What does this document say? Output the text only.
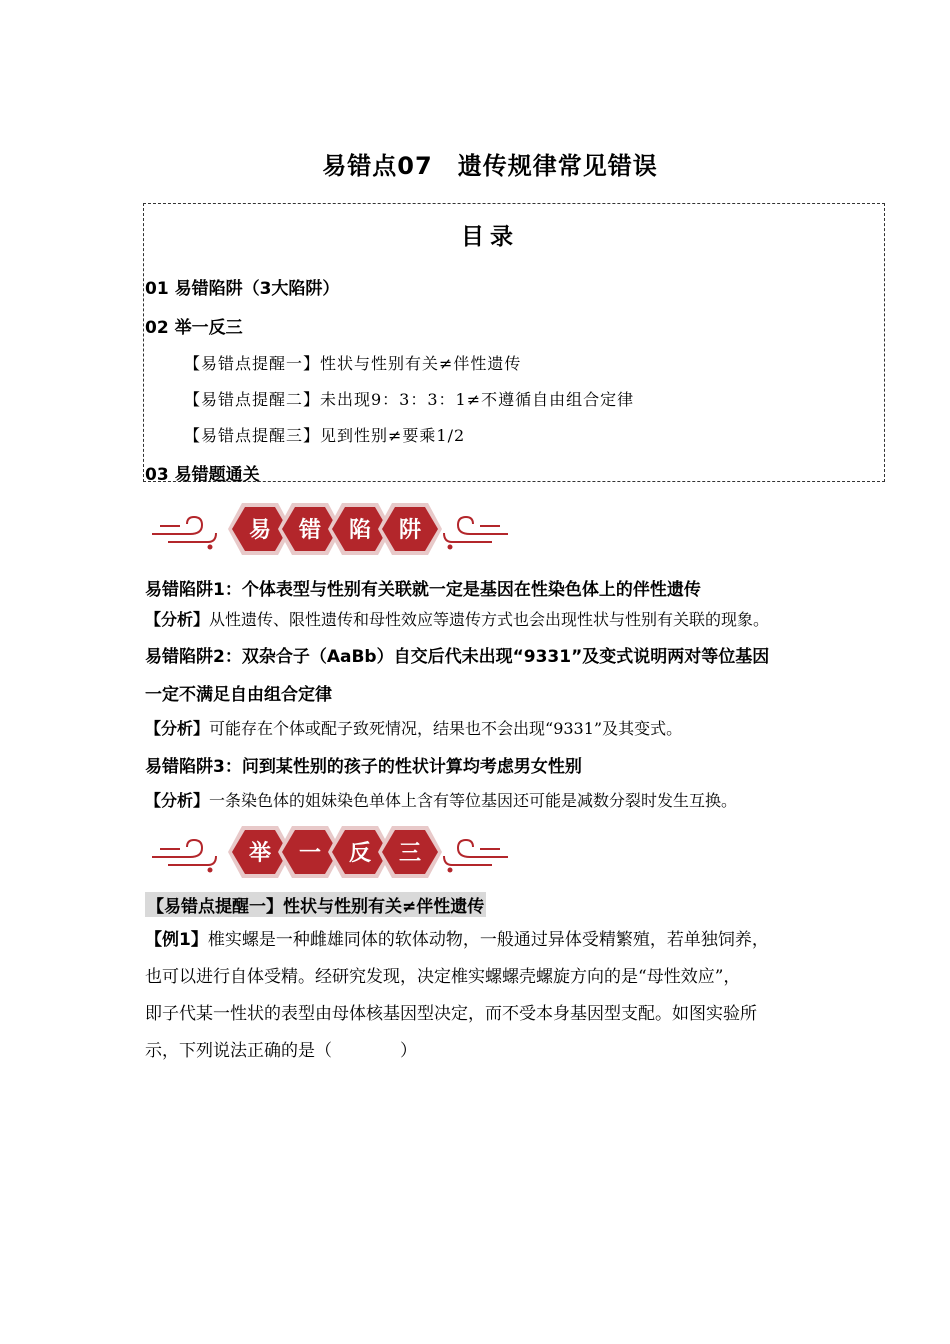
易错点07　遗传规律常见错误
目录
01 易错陷阱（3大陷阱）
02 举一反三
【易错点提醒一】性状与性别有关≠伴性遗传
【易错点提醒二】未出现9：3：3：1≠不遵循自由组合定律
【易错点提醒三】见到性别≠要乘1/2
03 易错题通关
易 错 陷 阱
易错陷阱1：个体表型与性别有关联就一定是基因在性染色体上的伴性遗传
【分析】从性遗传、限性遗传和母性效应等遗传方式也会出现性状与性别有关联的现象。
易错陷阱2：双杂合子（AaBb）自交后代未出现“9331”及变式说明两对等位基因
一定不满足自由组合定律
【分析】可能存在个体或配子致死情况，结果也不会出现“9331”及其变式。
易错陷阱3：问到某性别的孩子的性状计算均考虑男女性别
【分析】一条染色体的姐妹染色单体上含有等位基因还可能是减数分裂时发生互换。
举 一 反 三
【易错点提醒一】性状与性别有关≠伴性遗传
【例1】椎实螺是一种雌雄同体的软体动物，一般通过异体受精繁殖，若单独饲养，
也可以进行自体受精。经研究发现，决定椎实螺螺壳螺旋方向的是“母性效应”，
即子代某一性状的表型由母体核基因型决定，而不受本身基因型支配。如图实验所
示，下列说法正确的是（　　　　）
